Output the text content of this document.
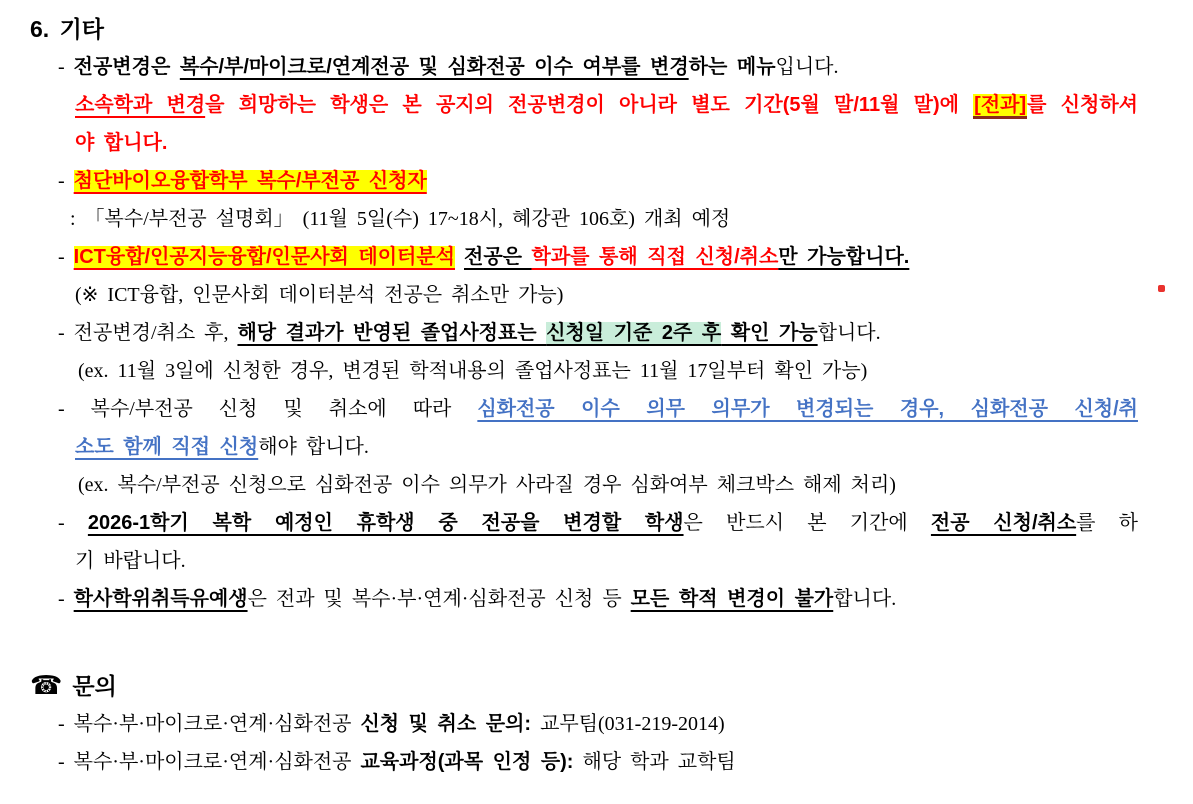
6. 기타
- 전공변경은 복수/부/마이크로/연계전공 및 심화전공 이수 여부를 변경하는 메뉴입니다.
소속학과 변경을 희망하는 학생은 본 공지의 전공변경이 아니라 별도 기간(5월 말/11월 말)에 [전과]를 신청하셔
야 합니다.
- 첨단바이오융합학부 복수/부전공 신청자
: 「복수/부전공 설명회」 (11월 5일(수) 17~18시, 혜강관 106호) 개최 예정
- ICT융합/인공지능융합/인문사회 데이터분석 전공은 학과를 통해 직접 신청/취소만 가능합니다.
(※ ICT융합, 인문사회 데이터분석 전공은 취소만 가능)
- 전공변경/취소 후, 해당 결과가 반영된 졸업사정표는 신청일 기준 2주 후 확인 가능합니다.
(ex. 11월 3일에 신청한 경우, 변경된 학적내용의 졸업사정표는 11월 17일부터 확인 가능)
- 복수/부전공 신청 및 취소에 따라 심화전공 이수 의무 의무가 변경되는 경우, 심화전공 신청/취
소도 함께 직접 신청해야 합니다.
(ex. 복수/부전공 신청으로 심화전공 이수 의무가 사라질 경우 심화여부 체크박스 해제 처리)
- 2026-1학기 복학 예정인 휴학생 중 전공을 변경할 학생은 반드시 본 기간에 전공 신청/취소를 하
기 바랍니다.
- 학사학위취득유예생은 전과 및 복수·부·연계·심화전공 신청 등 모든 학적 변경이 불가합니다.
☎ 문의
- 복수·부·마이크로·연계·심화전공 신청 및 취소 문의: 교무팀(031-219-2014)
- 복수·부·마이크로·연계·심화전공 교육과정(과목 인정 등): 해당 학과 교학팀
